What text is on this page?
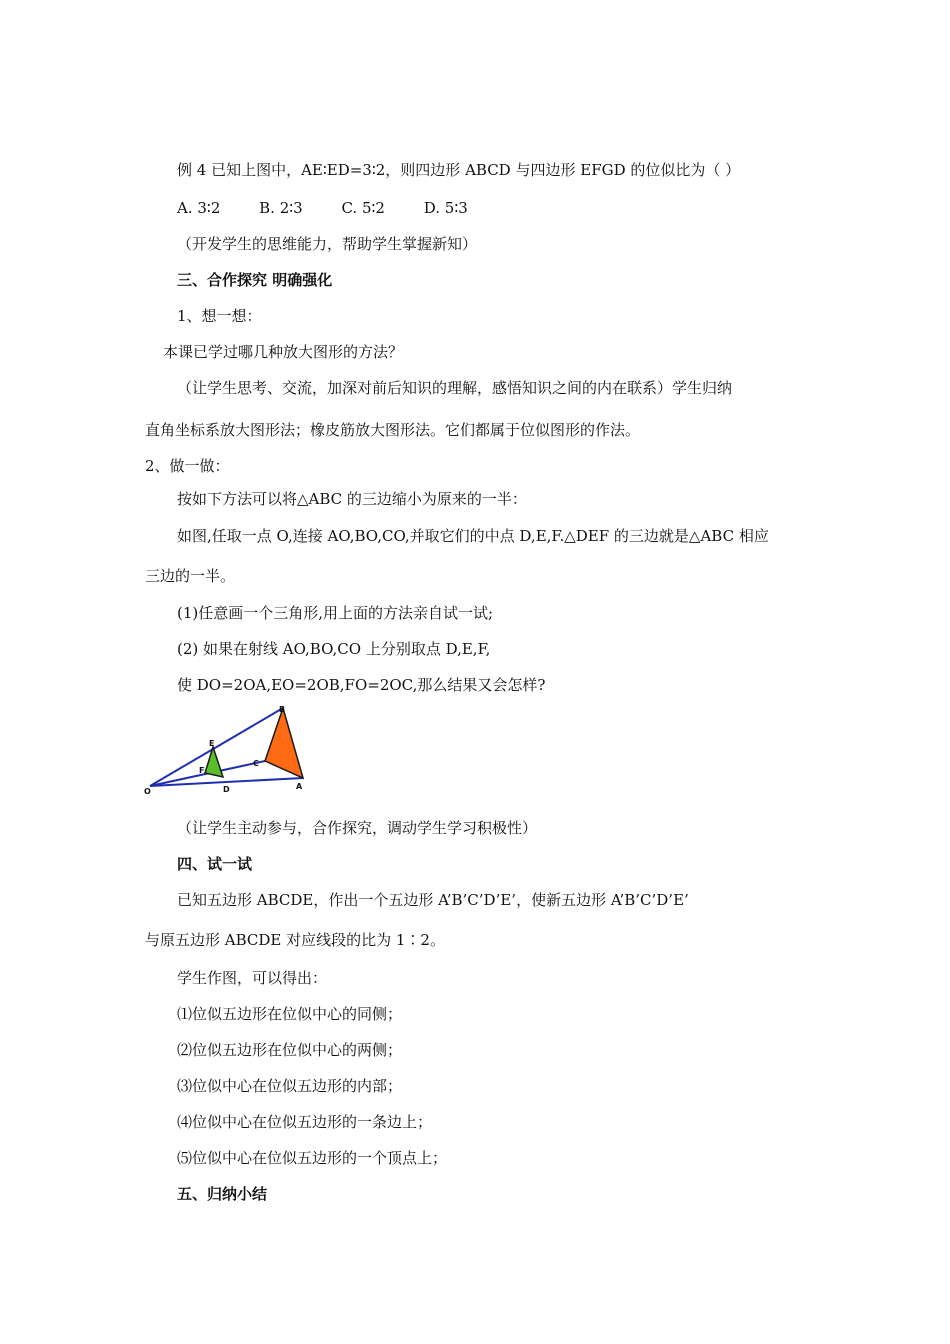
例 4 已知上图中，AE∶ED=3∶2，则四边形 ABCD 与四边形 EFGD 的位似比为（ ）
A. 3∶2	B. 2∶3	C. 5∶2	D. 5∶3
（开发学生的思维能力，帮助学生掌握新知）
三、合作探究 明确强化
1、想一想：
本课已学过哪几种放大图形的方法？
（让学生思考、交流，加深对前后知识的理解，感悟知识之间的内在联系）学生归纳
直角坐标系放大图形法；橡皮筋放大图形法。它们都属于位似图形的作法。
2、做一做：
按如下方法可以将△ABC 的三边缩小为原来的一半：
如图,任取一点 O,连接 AO,BO,CO,并取它们的中点 D,E,F.△DEF 的三边就是△ABC 相应
三边的一半。
(1)任意画一个三角形,用上面的方法亲自试一试;
(2) 如果在射线 AO,BO,CO 上分别取点 D,E,F,
使 DO=2OA,EO=2OB,FO=2OC,那么结果又会怎样?
O	D
E
F
A
B
C
（让学生主动参与，合作探究，调动学生学习积极性）
四、试一试
已知五边形 ABCDE，作出一个五边形 A’B’C’D’E’，使新五边形 A’B’C’D’E’
与原五边形 ABCDE 对应线段的比为 1∶2。
学生作图，可以得出：
⑴位似五边形在位似中心的同侧；
⑵位似五边形在位似中心的两侧；
⑶位似中心在位似五边形的内部；
⑷位似中心在位似五边形的一条边上；
⑸位似中心在位似五边形的一个顶点上；
五、归纳小结
